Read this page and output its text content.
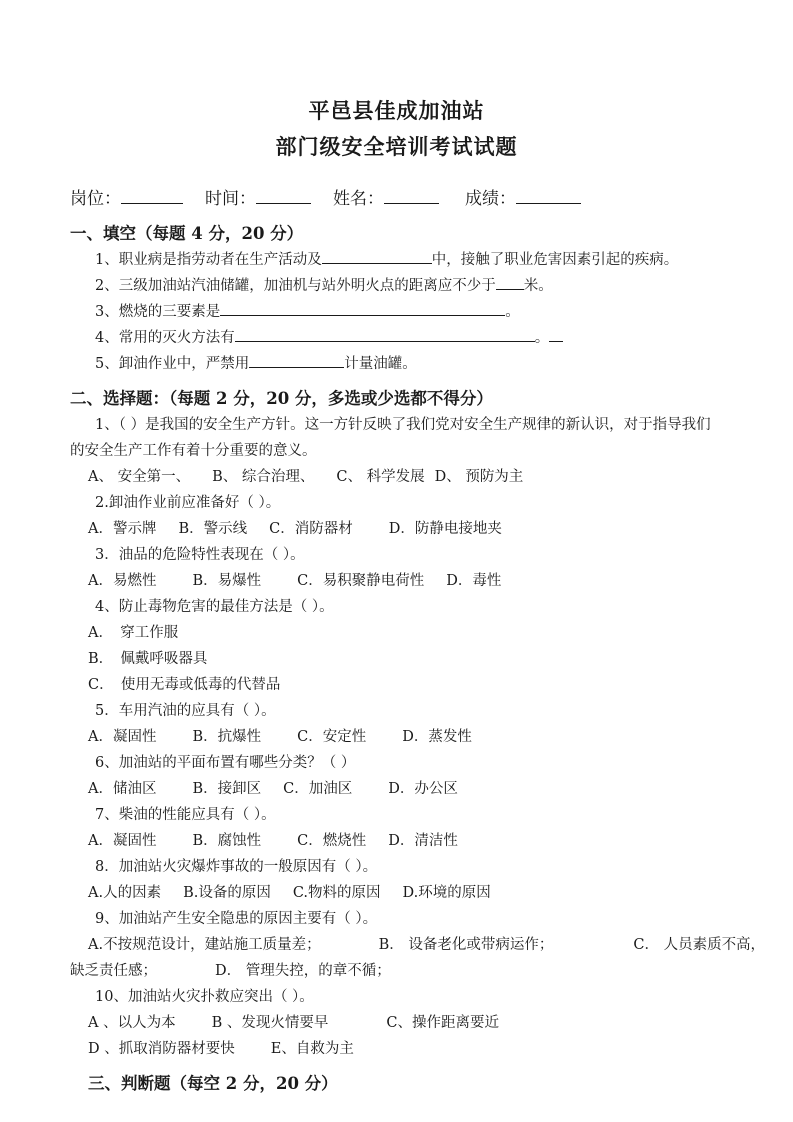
平邑县佳成加油站
部门级安全培训考试试题
岗位：	时间：	姓名：	成绩：
一、填空（每题 4 分，20 分）
1、职业病是指劳动者在生产活动及	中，接触了职业危害因素引起的疾病。
2、三级加油站汽油储罐，加油机与站外明火点的距离应不少于 米。
3、燃烧的三要素是	。
4、常用的灭火方法有	。
5、卸油作业中，严禁用	计量油罐。
二、选择题：（每题 2 分，20 分，多选或少选都不得分）
1、（ ）是我国的安全生产方针。这一方针反映了我们党对安全生产规律的新认识，对于指导我们的安全生产工作有着十分重要的意义。
A、 安全第一、 B、 综合治理、 C、 科学发展 D、 预防为主
2.卸油作业前应准备好（ ）。
A．警示牌 B．警示线 C．消防器材 D．防静电接地夹
3．油品的危险特性表现在（ ）。
A．易燃性 B．易爆性 C．易积聚静电荷性 D．毒性
4、防止毒物危害的最佳方法是（ ）。
A．　穿工作服
B．　佩戴呼吸器具
C．　使用无毒或低毒的代替品
5．车用汽油的应具有（ ）。
A．凝固性 B．抗爆性 C．安定性 D．蒸发性
6、加油站的平面布置有哪些分类？（ ）
A．储油区 B．接卸区 C．加油区 D．办公区
7、柴油的性能应具有（ ）。
A．凝固性 B．腐蚀性 C．燃烧性 D．清洁性
8．加油站火灾爆炸事故的一般原因有（ ）。
A.人的因素 B.设备的原因 C.物料的原因 D.环境的原因
9、加油站产生安全隐患的原因主要有（ ）。
A.不按规范设计，建站施工质量差；	B． 设备老化或带病运作；	C． 人员素质不高，
缺乏责任感；	D． 管理失控，的章不循；
10、加油站火灾扑救应突出（ ）。
A 、以人为本 B 、发现火情要早	C、操作距离要近
D 、抓取消防器材要快 E、自救为主
三、判断题（每空 2 分，20 分）
